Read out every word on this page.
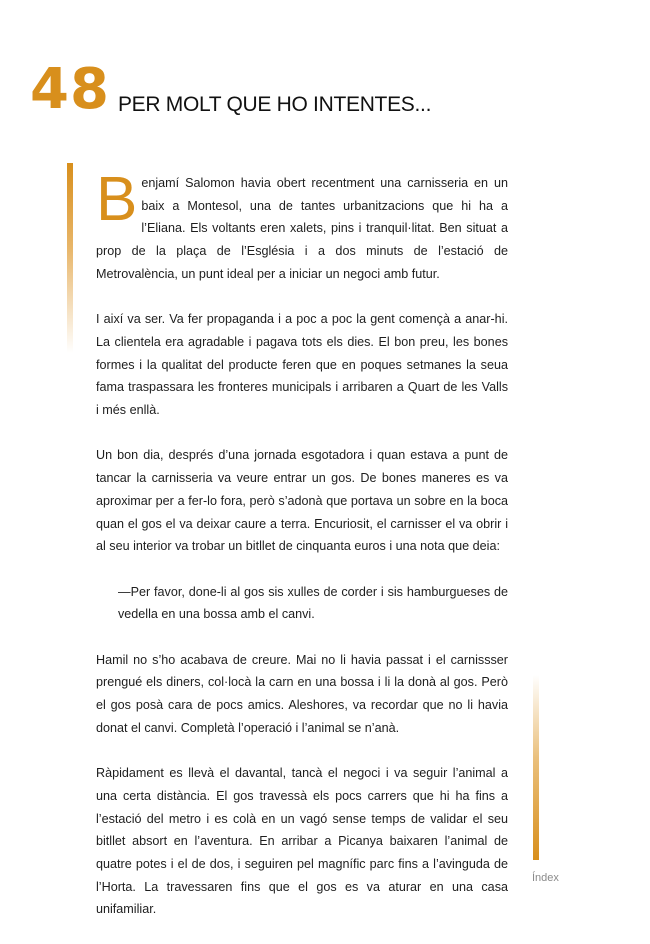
48 PER MOLT QUE HO INTENTES...

Benjamí Salomon havia obert recentment una carnisseria en un baix a Montesol, una de tantes urbanitzacions que hi ha a l’Eliana. Els voltants eren xalets, pins i tranquil·litat. Ben situat a prop de la plaça de l’Església i a dos minuts de l’estació de Metrovalència, un punt ideal per a iniciar un negoci amb futur.

I així va ser. Va fer propaganda i a poc a poc la gent començà a anar-hi. La clientela era agradable i pagava tots els dies. El bon preu, les bones formes i la qualitat del producte feren que en poques setmanes la seua fama traspassara les fronteres municipals i arribaren a Quart de les Valls i més enllà.

Un bon dia, després d’una jornada esgotadora i quan estava a punt de tancar la carnisseria va veure entrar un gos. De bones maneres es va aproximar per a fer-lo fora, però s’adonà que portava un sobre en la boca quan el gos el va deixar caure a terra. Encuriosit, el carnisser el va obrir i al seu interior va trobar un bitllet de cinquanta euros i una nota que deia:

—Per favor, done-li al gos sis xulles de corder i sis hamburgueses de vedella en una bossa amb el canvi.

Hamil no s’ho acabava de creure. Mai no li havia passat i el carnissser prengué els diners, col·locà la carn en una bossa i li la donà al gos. Però el gos posà cara de pocs amics. Aleshores, va recordar que no li havia donat el canvi. Completà l’operació i l’animal se n’anà.

Ràpidament es llevà el davantal, tancà el negoci i va seguir l’animal a una certa distància. El gos travessà els pocs carrers que hi ha fins a l’estació del metro i es colà en un vagó sense temps de validar el seu bitllet absort en l’aventura. En arribar a Picanya baixaren l’animal de quatre potes i el de dos, i seguiren pel magnífic parc fins a l’avinguda de l’Horta. La travessaren fins que el gos es va aturar en una casa unifamiliar.

Índex
